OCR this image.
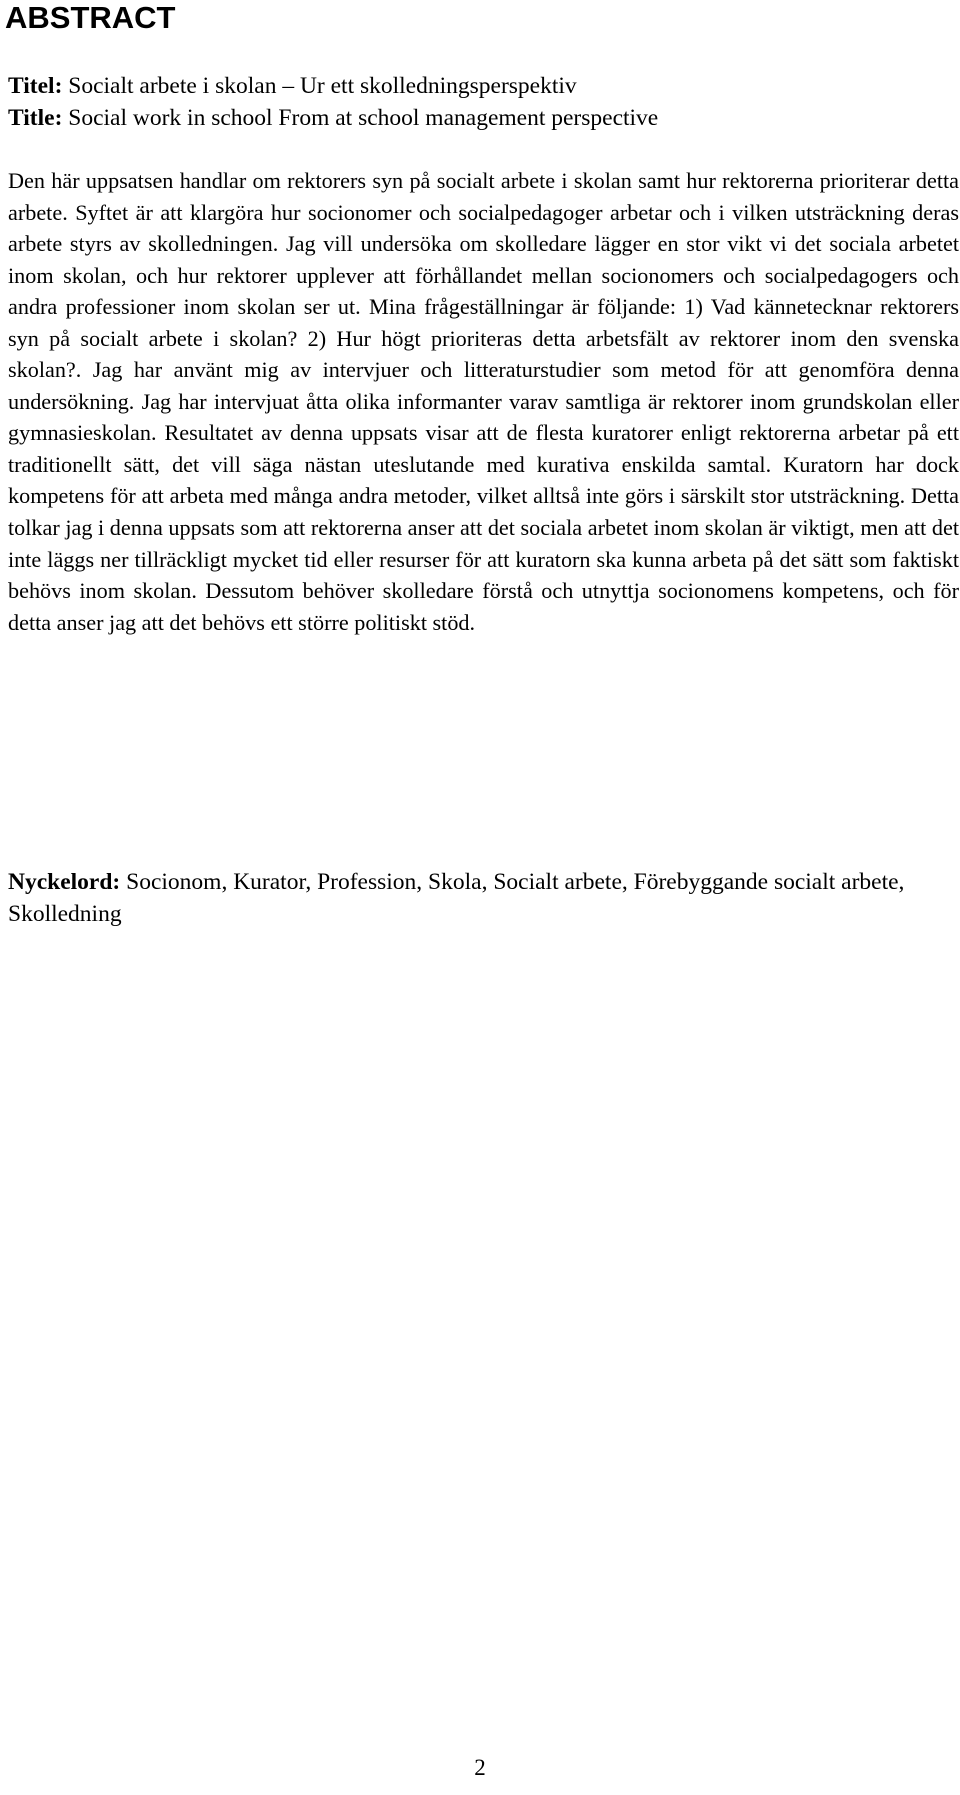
ABSTRACT
Titel: Socialt arbete i skolan – Ur ett skolledningsperspektiv
Title: Social work in school From at school management perspective

Den här uppsatsen handlar om rektorers syn på socialt arbete i skolan samt hur rektorerna prioriterar detta arbete. Syftet är att klargöra hur socionomer och socialpedagoger arbetar och i vilken utsträckning deras arbete styrs av skolledningen. Jag vill undersöka om skolledare lägger en stor vikt vi det sociala arbetet inom skolan, och hur rektorer upplever att förhållandet mellan socionomers och socialpedagogers och andra professioner inom skolan ser ut. Mina frågeställningar är följande: 1) Vad kännetecknar rektorers syn på socialt arbete i skolan? 2) Hur högt prioriteras detta arbetsfält av rektorer inom den svenska skolan?. Jag har använt mig av intervjuer och litteraturstudier som metod för att genomföra denna undersökning. Jag har intervjuat åtta olika informanter varav samtliga är rektorer inom grundskolan eller gymnasieskolan. Resultatet av denna uppsats visar att de flesta kuratorer enligt rektorerna arbetar på ett traditionellt sätt, det vill säga nästan uteslutande med kurativa enskilda samtal. Kuratorn har dock kompetens för att arbeta med många andra metoder, vilket alltså inte görs i särskilt stor utsträckning. Detta tolkar jag i denna uppsats som att rektorerna anser att det sociala arbetet inom skolan är viktigt, men att det inte läggs ner tillräckligt mycket tid eller resurser för att kuratorn ska kunna arbeta på det sätt som faktiskt behövs inom skolan. Dessutom behöver skolledare förstå och utnyttja socionomens kompetens, och för detta anser jag att det behövs ett större politiskt stöd.

Nyckelord: Socionom, Kurator, Profession, Skola, Socialt arbete, Förebyggande socialt arbete, Skolledning

2
